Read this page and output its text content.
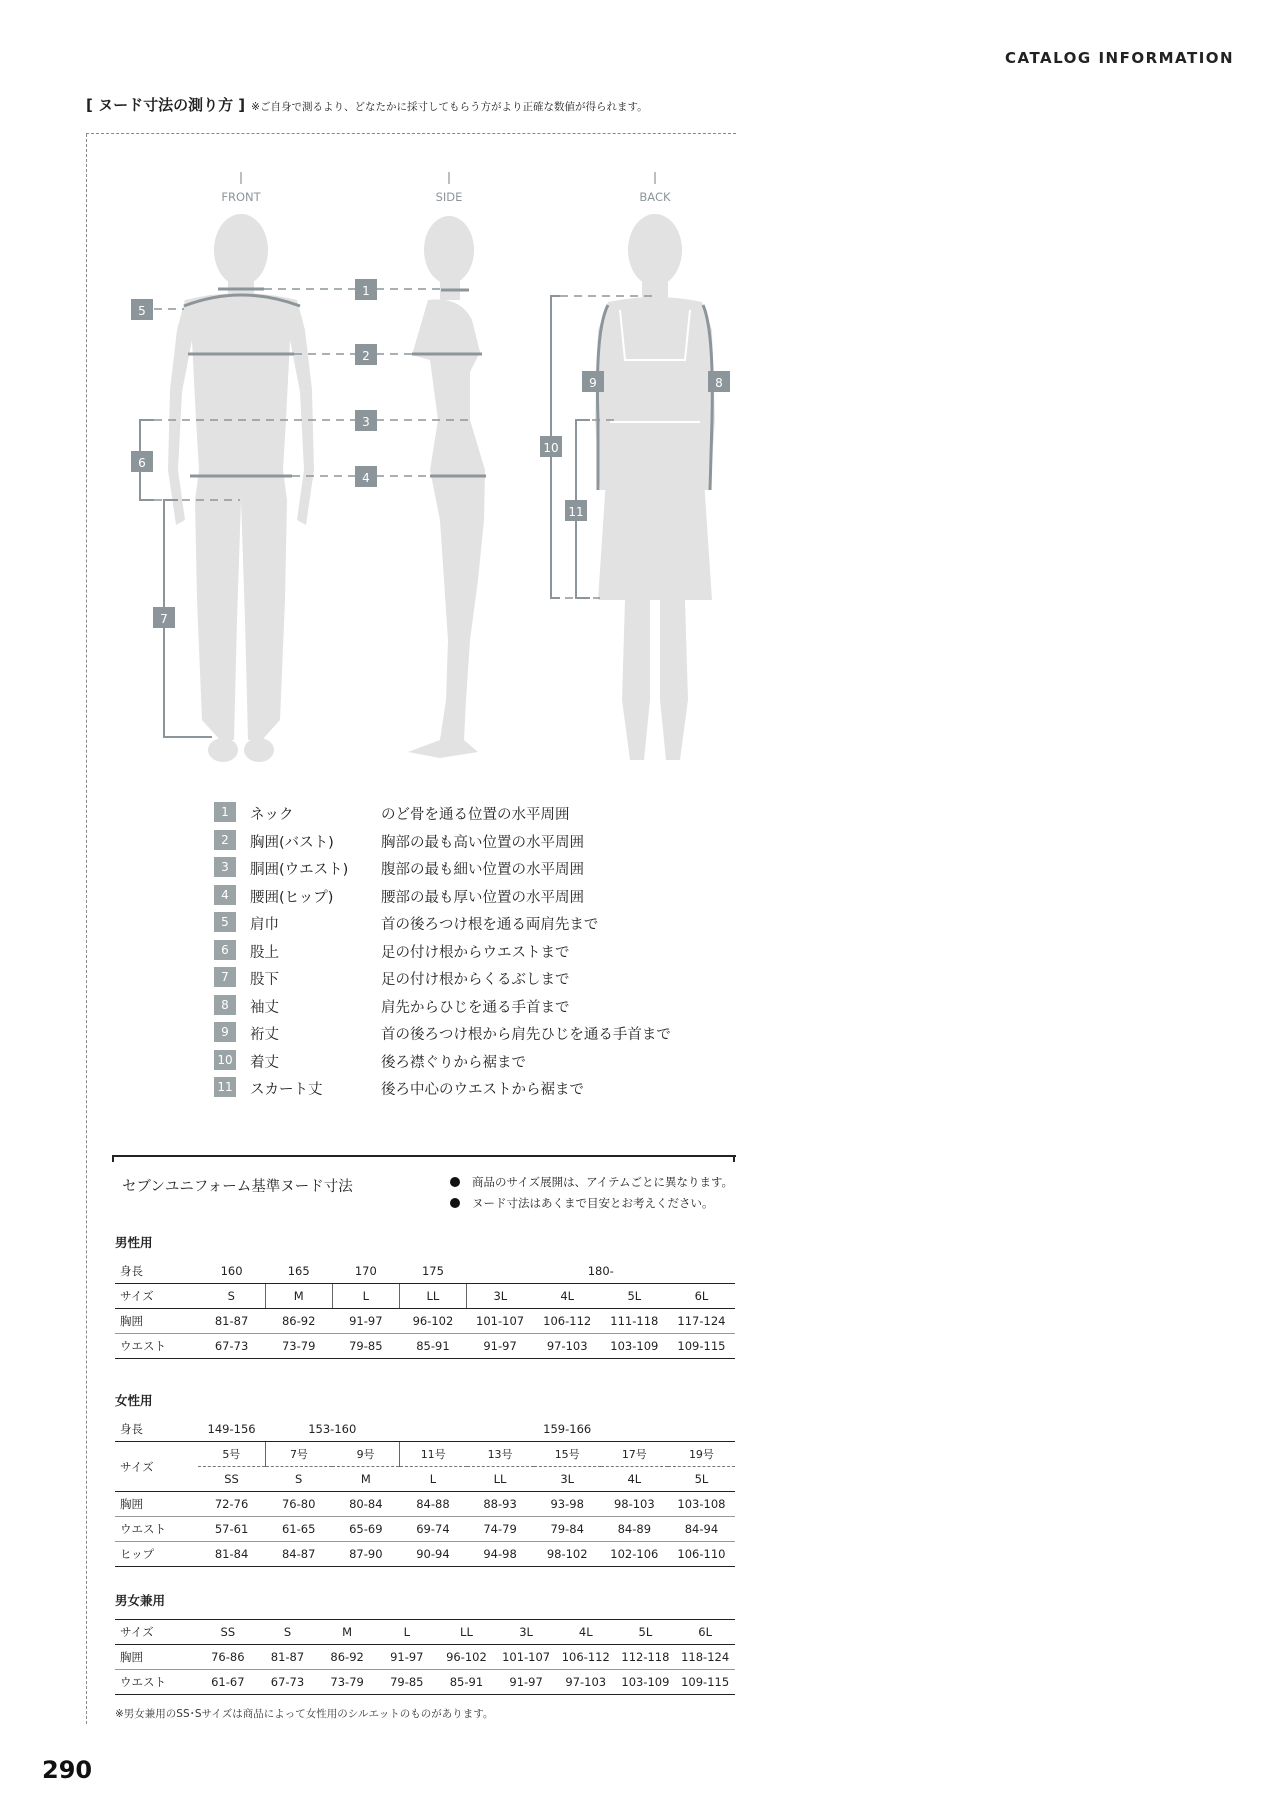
CATALOG INFORMATION
[ ヌード寸法の測り方 ] ※ご自身で測るより、どなたかに採寸してもらう方がより正確な数値が得られます。
FRONT	SIDE	BACK
1
2
3
4
5
6
7
8
9
10
11
1	ネック	のど骨を通る位置の水平周囲
2	胸囲(バスト)	胸部の最も高い位置の水平周囲
3	胴囲(ウエスト) 腹部の最も細い位置の水平周囲
4	腰囲(ヒップ)	腰部の最も厚い位置の水平周囲
5	肩巾	首の後ろつけ根を通る両肩先まで
6	股上	足の付け根からウエストまで
7	股下	足の付け根からくるぶしまで
8	袖丈	肩先からひじを通る手首まで
9	裄丈	首の後ろつけ根から肩先ひじを通る手首まで
10 着丈	後ろ襟ぐりから裾まで
11 スカート丈	後ろ中心のウエストから裾まで
セブンユニフォーム基準ヌード寸法	商品のサイズ展開は、アイテムごとに異なります。
ヌード寸法はあくまで目安とお考えください。
男性用
身長	160	165	170	175	180-			
サイズ	S	M	L	LL	3L	4L	5L	6L
胸囲	81-87	86-92	91-97	96-102	101-107	106-112	111-118	117-124
ウエスト	67-73	73-79	79-85	85-91	91-97	97-103	103-109	109-115
女性用
身長	149-156	153-160		159-166				
サイズ	5号	7号	9号	11号	13号	15号	17号	19号
	SS	S	M	L	LL	3L	4L	5L
胸囲	72-76	76-80	80-84	84-88	88-93	93-98	98-103	103-108
ウエスト	57-61	61-65	65-69	69-74	74-79	79-84	84-89	84-94
ヒップ	81-84	84-87	87-90	90-94	94-98	98-102	102-106	106-110
男女兼用
サイズ	SS	S	M	L	LL	3L	4L	5L	6L
胸囲	76-86	81-87	86-92	91-97	96-102	101-107	106-112	112-118	118-124
ウエスト	61-67	67-73	73-79	79-85	85-91	91-97	97-103	103-109	109-115
※男女兼用のSS･Sサイズは商品によって女性用のシルエットのものがあります。
290
